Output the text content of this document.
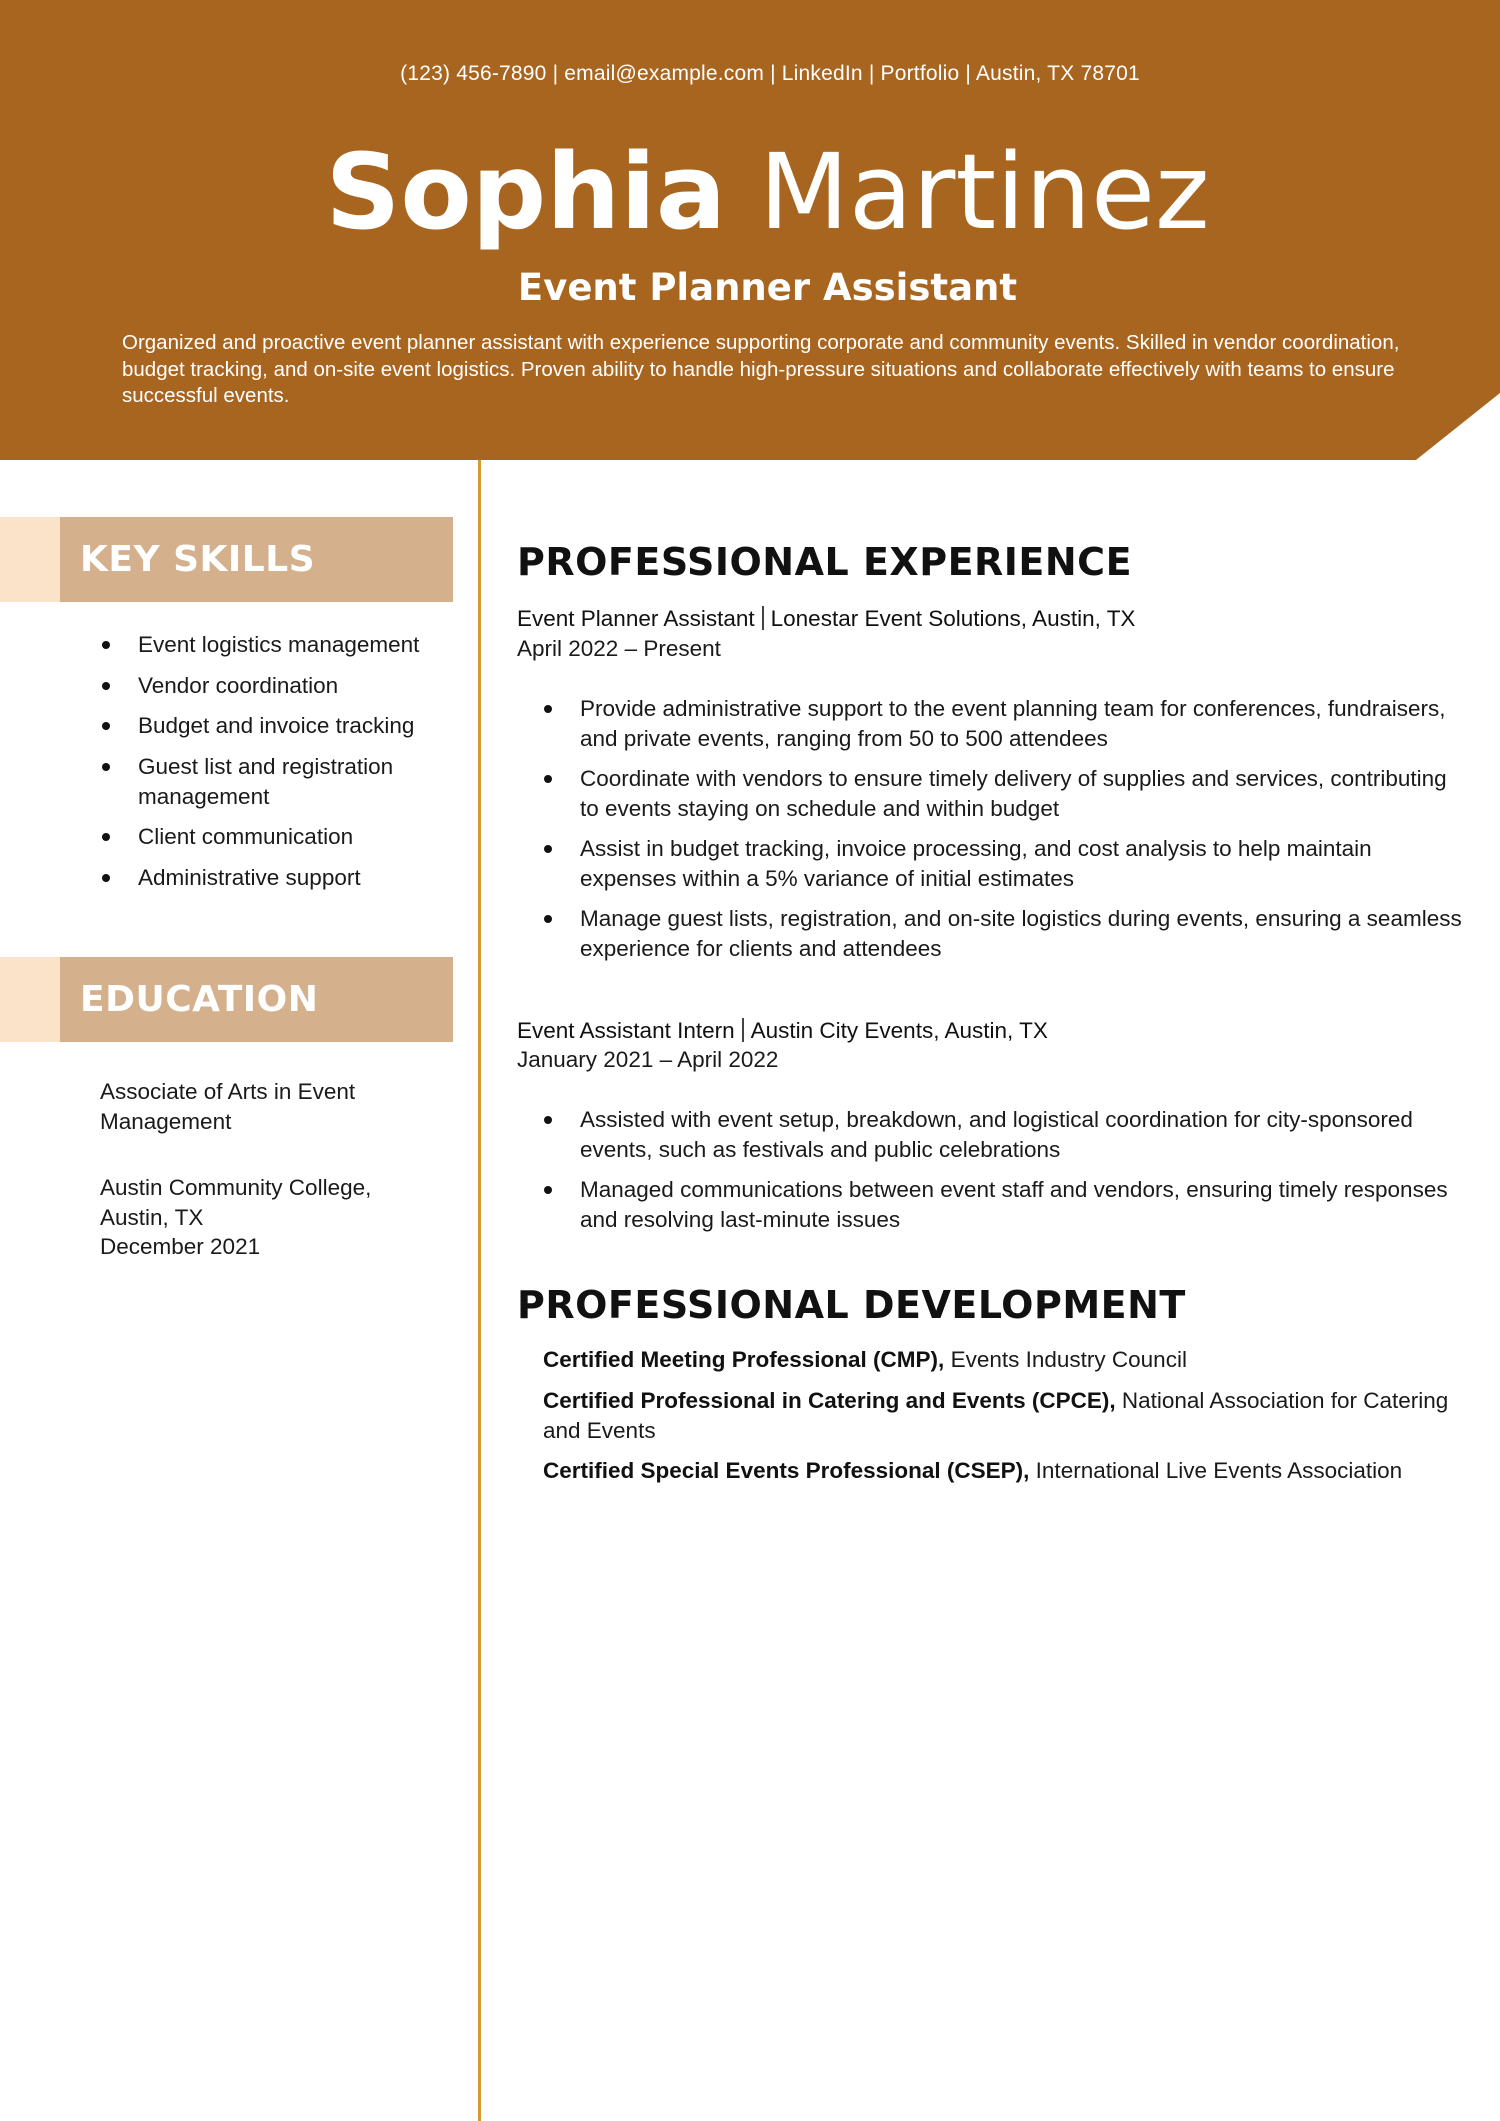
(123) 456-7890 | email@example.com | LinkedIn | Portfolio | Austin, TX 78701
Sophia Martinez
Event Planner Assistant
Organized and proactive event planner assistant with experience supporting corporate and community events. Skilled in vendor coordination, budget tracking, and on-site event logistics. Proven ability to handle high-pressure situations and collaborate effectively with teams to ensure successful events.
KEY SKILLS
Event logistics management
Vendor coordination
Budget and invoice tracking
Guest list and registration management
Client communication
Administrative support
EDUCATION
Associate of Arts in Event Management
Austin Community College,
Austin, TX
December 2021
PROFESSIONAL EXPERIENCE
Event Planner Assistant Lonestar Event Solutions, Austin, TX
April 2022 – Present
Provide administrative support to the event planning team for conferences, fundraisers, and private events, ranging from 50 to 500 attendees
Coordinate with vendors to ensure timely delivery of supplies and services, contributing to events staying on schedule and within budget
Assist in budget tracking, invoice processing, and cost analysis to help maintain expenses within a 5% variance of initial estimates
Manage guest lists, registration, and on-site logistics during events, ensuring a seamless experience for clients and attendees
Event Assistant Intern Austin City Events, Austin, TX
January 2021 – April 2022
Assisted with event setup, breakdown, and logistical coordination for city-sponsored events, such as festivals and public celebrations
Managed communications between event staff and vendors, ensuring timely responses and resolving last-minute issues
PROFESSIONAL DEVELOPMENT
Certified Meeting Professional (CMP), Events Industry Council
Certified Professional in Catering and Events (CPCE), National Association for Catering and Events
Certified Special Events Professional (CSEP), International Live Events Association
